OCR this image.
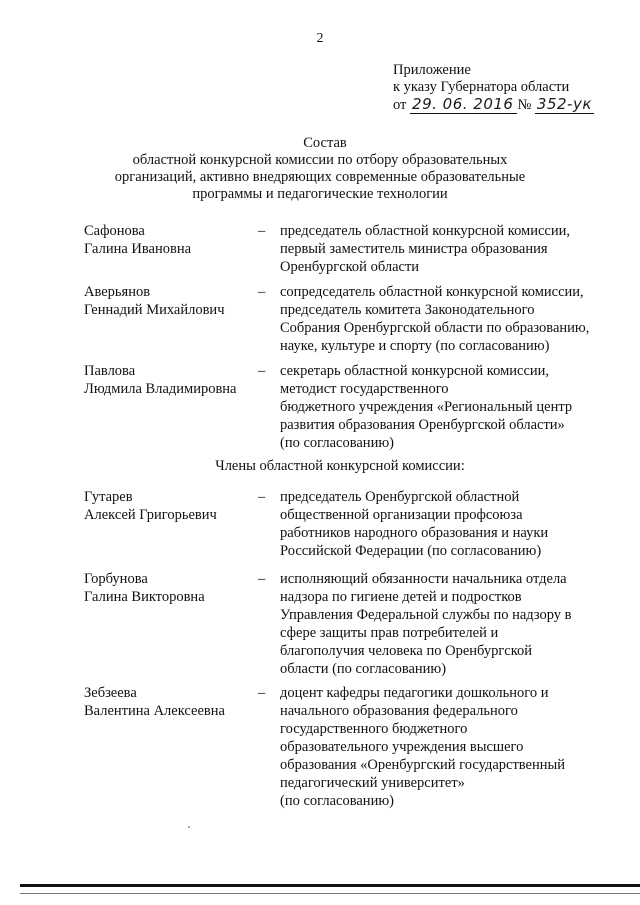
2
Приложение
к указу Губернатора области
от 29. 06. 2016 № 352-ук
Состав
областной конкурсной комиссии по отбору образовательных
организаций, активно внедряющих современные образовательные
программы и педагогические технологии
Сафонова
Галина Ивановна
– председатель областной конкурсной комиссии,
первый заместитель министра образования
Оренбургской области
Аверьянов
Геннадий Михайлович
– сопредседатель областной конкурсной комиссии,
председатель комитета Законодательного
Собрания Оренбургской области по образованию,
науке, культуре и спорту (по согласованию)
Павлова
Людмила Владимировна
– секретарь областной конкурсной комиссии,
методист государственного
бюджетного учреждения «Региональный центр
развития образования Оренбургской области»
(по согласованию)
Члены областной конкурсной комиссии:
Гутарев
Алексей Григорьевич
– председатель Оренбургской областной
общественной организации профсоюза
работников народного образования и науки
Российской Федерации (по согласованию)
Горбунова
Галина Викторовна
– исполняющий обязанности начальника отдела
надзора по гигиене детей и подростков
Управления Федеральной службы по надзору в
сфере защиты прав потребителей и
благополучия человека по Оренбургской
области (по согласованию)
Зебзеева
Валентина Алексеевна
– доцент кафедры педагогики дошкольного и
начального образования федерального
государственного бюджетного
образовательного учреждения высшего
образования «Оренбургский государственный
педагогический университет»
(по согласованию)
